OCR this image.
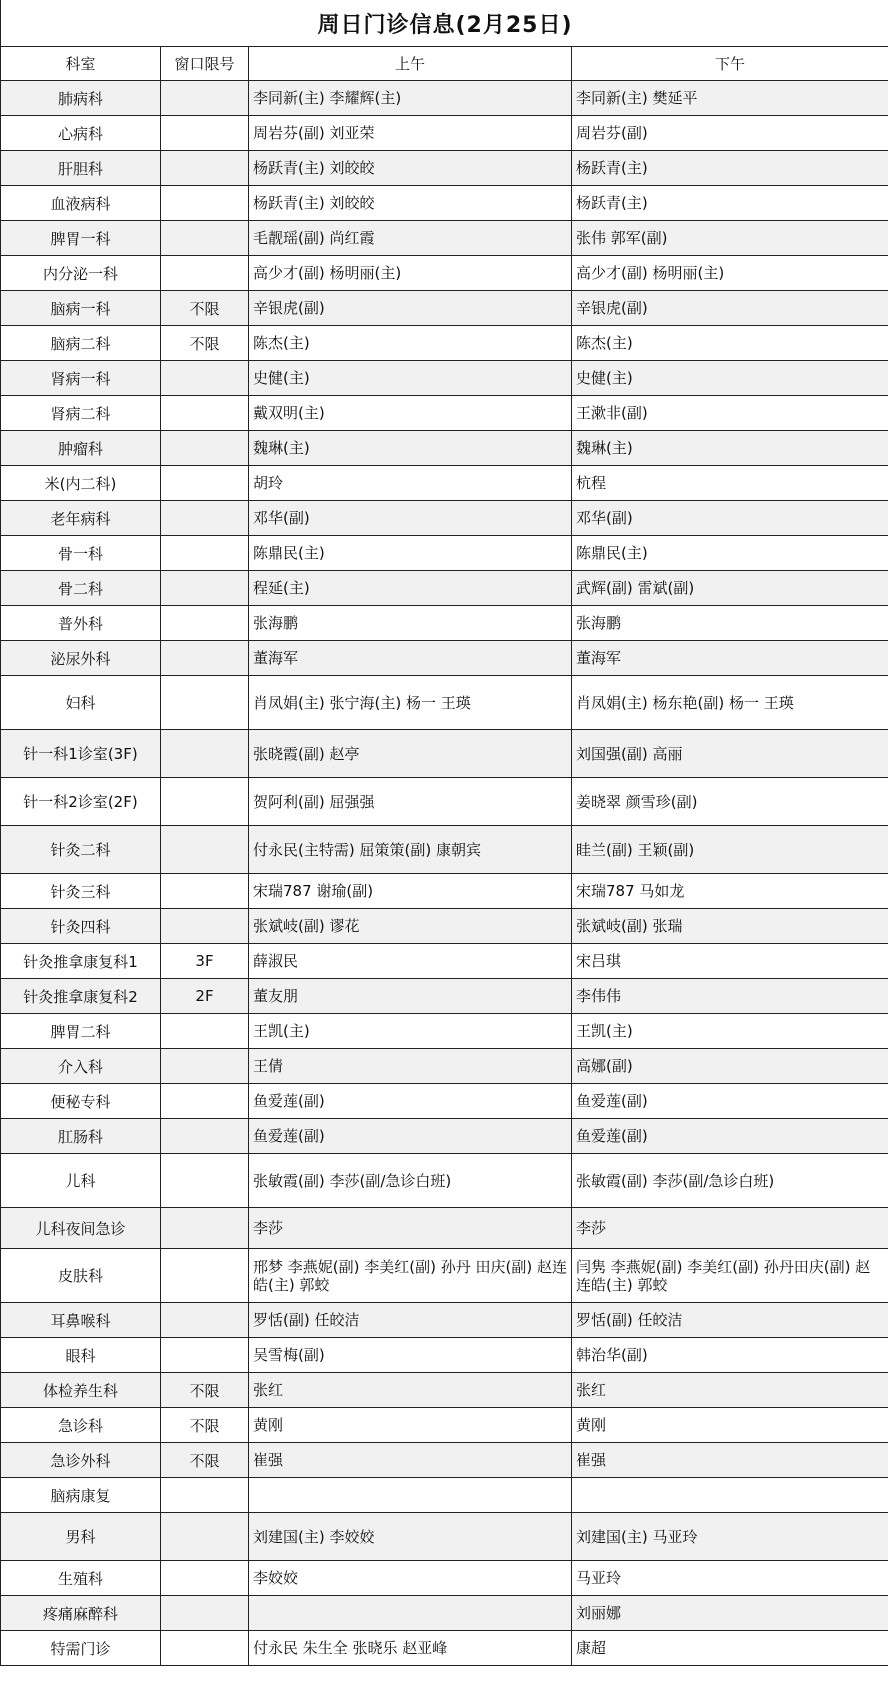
周日门诊信息(2月25日)
科室	窗口限号	上午	下午
肺病科		李同新(主) 李耀辉(主)	李同新(主) 樊延平
心病科		周岩芬(副) 刘亚荣	周岩芬(副)
肝胆科		杨跃青(主) 刘皎皎	杨跃青(主)
血液病科		杨跃青(主) 刘皎皎	杨跃青(主)
脾胃一科		毛靓瑶(副) 尚红霞	张伟 郭军(副)
内分泌一科		高少才(副) 杨明丽(主)	高少才(副) 杨明丽(主)
脑病一科	不限	辛银虎(副)	辛银虎(副)
脑病二科	不限	陈杰(主)	陈杰(主)
肾病一科		史健(主)	史健(主)
肾病二科		戴双明(主)	王漱非(副)
肿瘤科		魏琳(主)	魏琳(主)
米(内二科)		胡玲	杭程
老年病科		邓华(副)	邓华(副)
骨一科		陈鼎民(主)	陈鼎民(主)
骨二科		程延(主)	武辉(副) 雷斌(副)
普外科		张海鹏	张海鹏
泌尿外科		董海军	董海军
妇科		肖凤娟(主) 张宁海(主) 杨一 王瑛	肖凤娟(主) 杨东艳(副) 杨一 王瑛
针一科1诊室(3F)		张晓霞(副) 赵亭	刘国强(副) 高丽
针一科2诊室(2F)		贺阿利(副) 屈强强	姜晓翠 颜雪珍(副)
针灸二科		付永民(主特需) 屈策策(副) 康朝宾	眭兰(副) 王颖(副)
针灸三科		宋瑞787 谢瑜(副)	宋瑞787 马如龙
针灸四科		张斌岐(副) 谬花	张斌岐(副) 张瑞
针灸推拿康复科1	3F	薛淑民	宋吕琪
针灸推拿康复科2	2F	董友朋	李伟伟
脾胃二科		王凯(主)	王凯(主)
介入科		王倩	高娜(副)
便秘专科		鱼爱莲(副)	鱼爱莲(副)
肛肠科		鱼爱莲(副)	鱼爱莲(副)
儿科		张敏霞(副) 李莎(副/急诊白班)	张敏霞(副) 李莎(副/急诊白班)
儿科夜间急诊		李莎	李莎
皮肤科		邢梦 李燕妮(副) 李美红(副) 孙丹 田庆(副) 赵连皓(主) 郭蛟	闫隽 李燕妮(副) 李美红(副) 孙丹田庆(副) 赵连皓(主) 郭蛟
耳鼻喉科		罗恬(副) 任皎洁	罗恬(副) 任皎洁
眼科		吴雪梅(副)	韩治华(副)
体检养生科	不限	张红	张红
急诊科	不限	黄刚	黄刚
急诊外科	不限	崔强	崔强
脑病康复			
男科		刘建国(主) 李姣姣	刘建国(主) 马亚玲
生殖科		李姣姣	马亚玲
疼痛麻醉科			刘丽娜
特需门诊		付永民 朱生全 张晓乐 赵亚峰	康超
